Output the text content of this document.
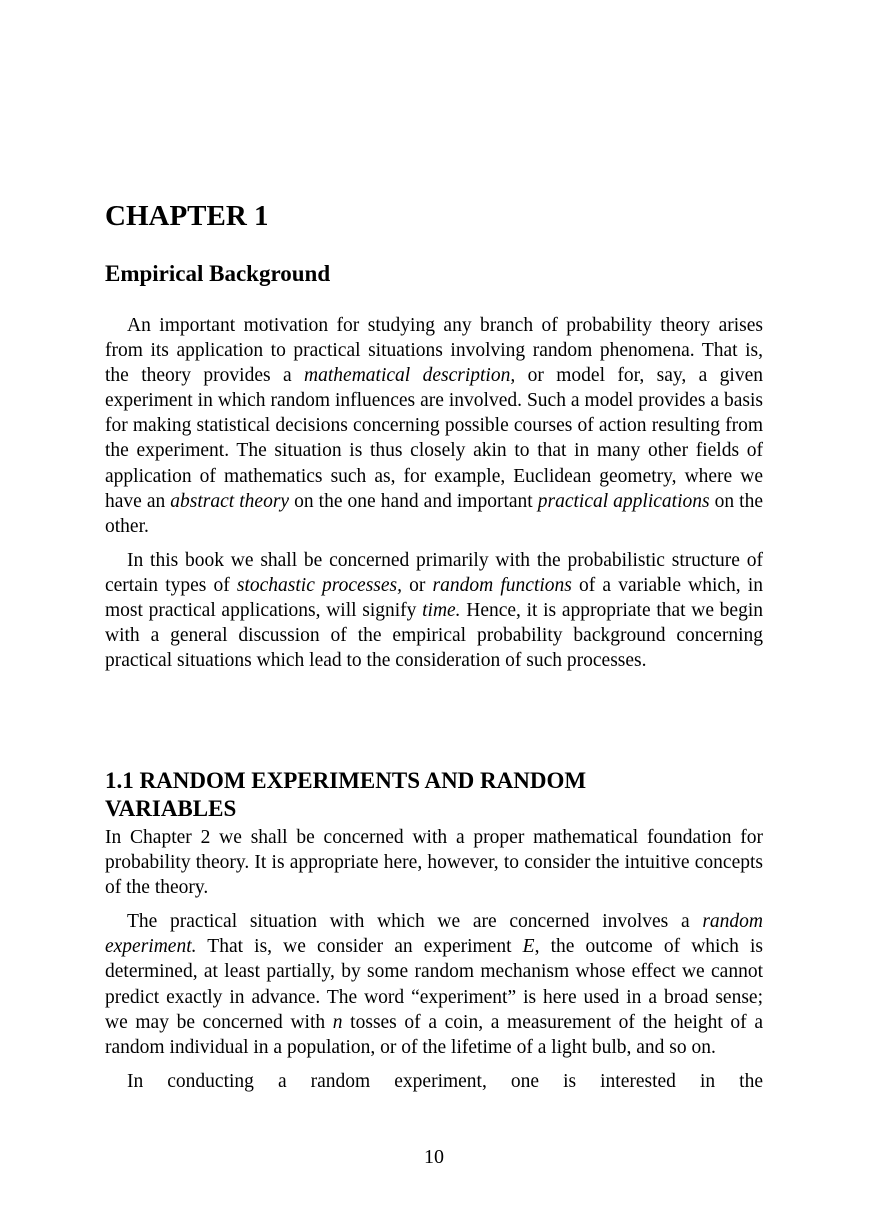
CHAPTER 1
Empirical Background

An important motivation for studying any branch of probability theory arises from its application to practical situations involving random phenomena. That is, the theory provides a mathematical description, or model for, say, a given experiment in which random influences are involved. Such a model provides a basis for making statistical decisions concerning possible courses of action resulting from the experiment. The situation is thus closely akin to that in many other fields of application of mathematics such as, for example, Euclidean geometry, where we have an abstract theory on the one hand and important practical applications on the other.

In this book we shall be concerned primarily with the probabilistic structure of certain types of stochastic processes, or random functions of a variable which, in most practical applications, will signify time. Hence, it is appropriate that we begin with a general discussion of the empirical probability background concerning practical situations which lead to the consideration of such processes.

1.1 RANDOM EXPERIMENTS AND RANDOM VARIABLES

In Chapter 2 we shall be concerned with a proper mathematical foundation for probability theory. It is appropriate here, however, to consider the intuitive concepts of the theory.

The practical situation with which we are concerned involves a random experiment. That is, we consider an experiment E, the outcome of which is determined, at least partially, by some random mechanism whose effect we cannot predict exactly in advance. The word “experiment” is here used in a broad sense; we may be concerned with n tosses of a coin, a measurement of the height of a random individual in a population, or of the lifetime of a light bulb, and so on.

In conducting a random experiment, one is interested in the

10
